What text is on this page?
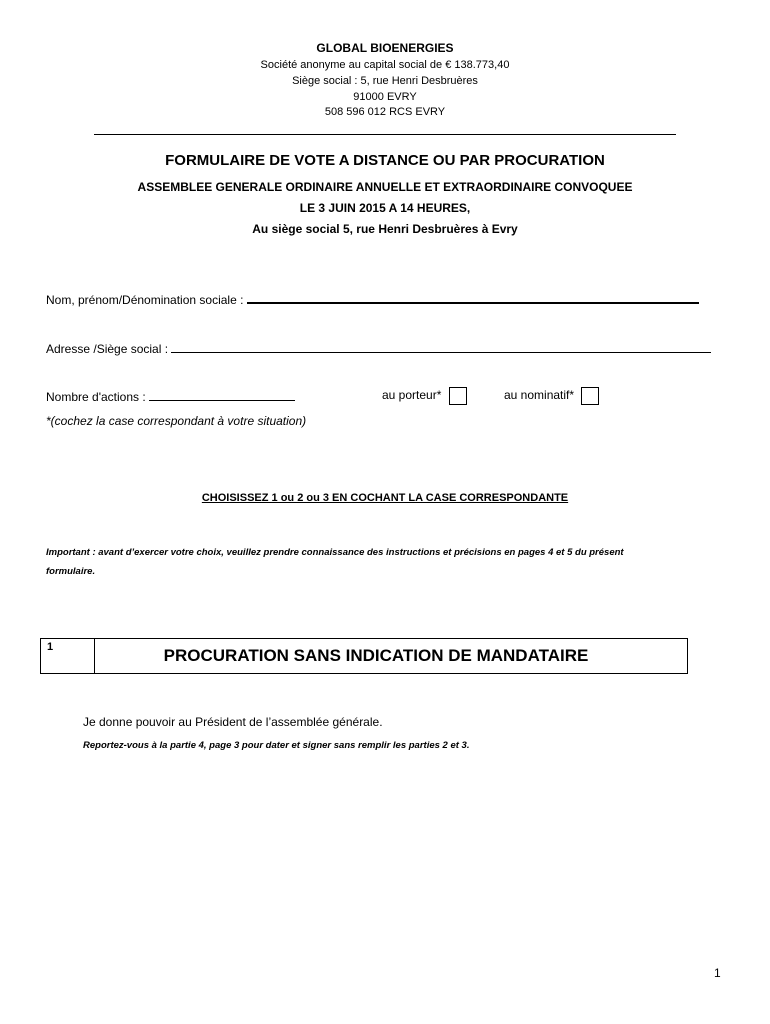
GLOBAL BIOENERGIES
Société anonyme au capital social de € 138.773,40
Siège social : 5, rue Henri Desbruères
91000 EVRY
508 596 012 RCS EVRY
FORMULAIRE DE VOTE A DISTANCE OU PAR PROCURATION
ASSEMBLEE GENERALE ORDINAIRE ANNUELLE ET EXTRAORDINAIRE CONVOQUEE
LE 3 JUIN 2015 A 14 HEURES,
Au siège social 5, rue Henri Desbruères à Evry
Nom, prénom/Dénomination sociale :
Adresse /Siège social :
Nombre d'actions :	au porteur*	au nominatif*
*(cochez la case correspondant à votre situation)
CHOISISSEZ 1 ou 2 ou 3 EN COCHANT LA CASE CORRESPONDANTE
Important : avant d’exercer votre choix, veuillez prendre connaissance des instructions et précisions en pages 4 et 5 du présent
formulaire.
1	PROCURATION SANS INDICATION DE MANDATAIRE
Je donne pouvoir au Président de l’assemblée générale.
Reportez-vous à la partie 4, page 3 pour dater et signer sans remplir les parties 2 et 3.
1
